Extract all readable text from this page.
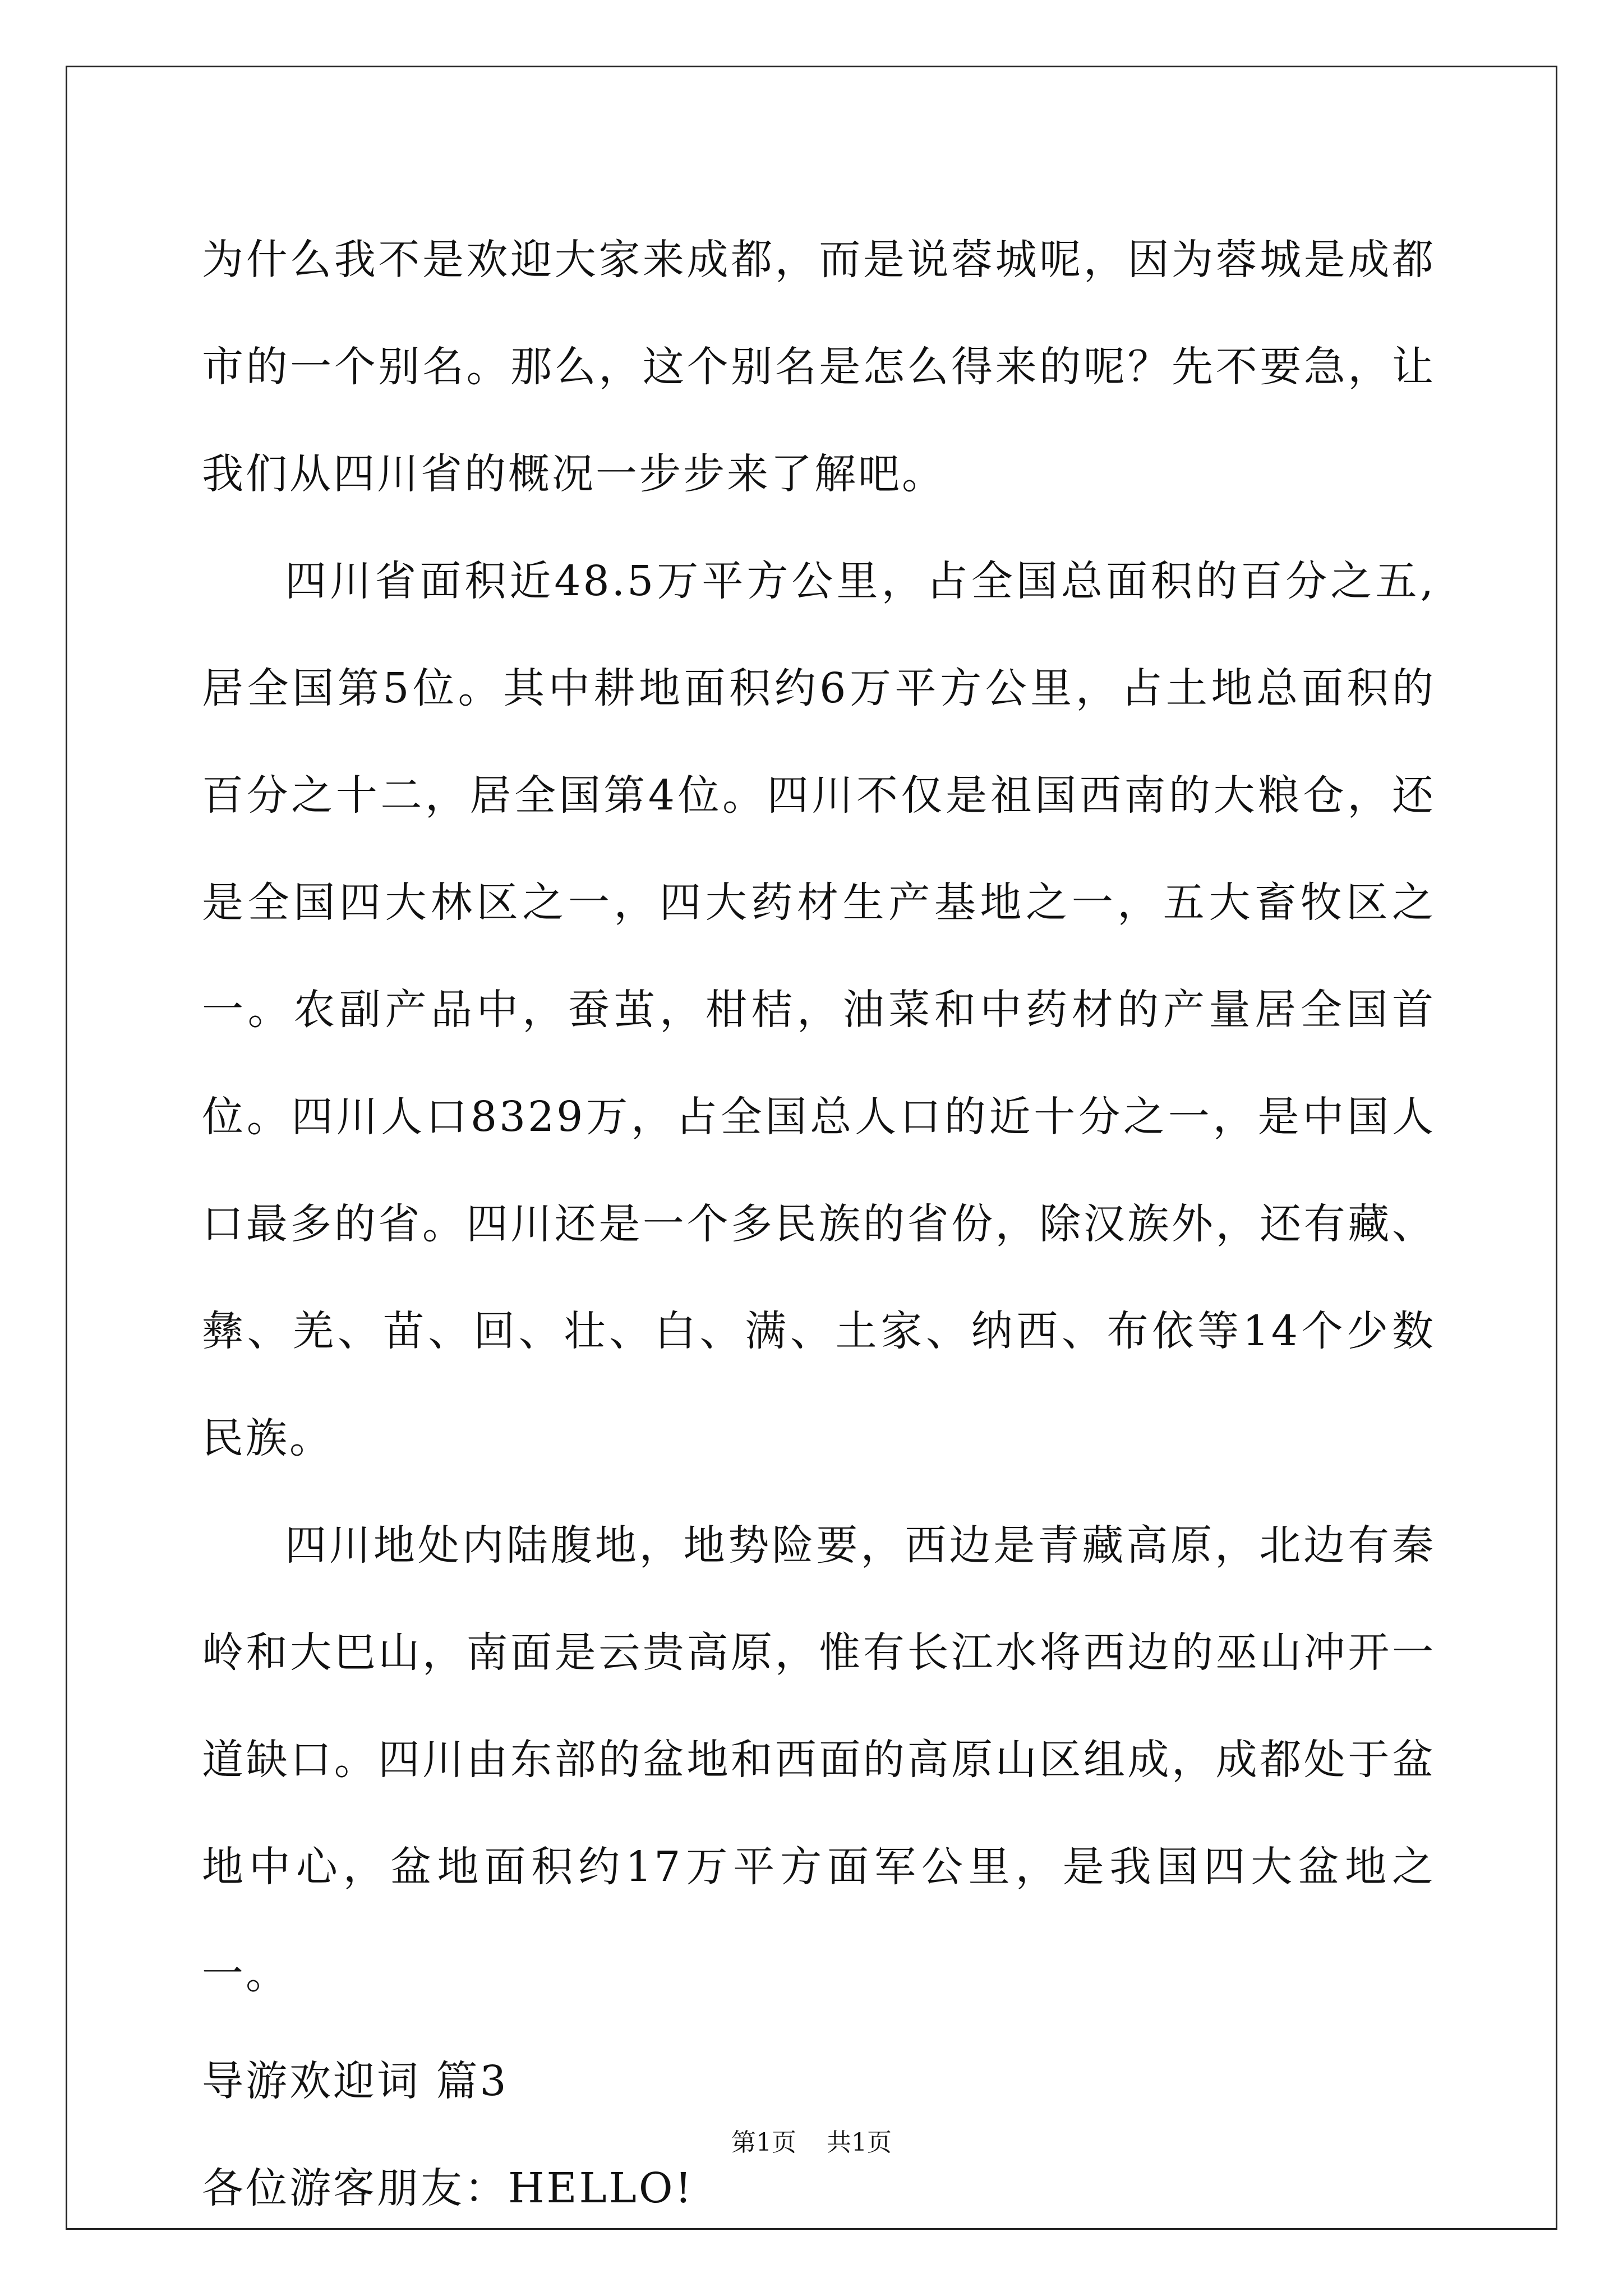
为什么我不是欢迎大家来成都，而是说蓉城呢，因为蓉城是成都市的一个别名。那么，这个别名是怎么得来的呢？先不要急，让我们从四川省的概况一步步来了解吧。

四川省面积近48.5万平方公里，占全国总面积的百分之五,居全国第5位。其中耕地面积约6万平方公里，占土地总面积的百分之十二，居全国第4位。四川不仅是祖国西南的大粮仓，还是全国四大林区之一，四大药材生产基地之一，五大畜牧区之一。农副产品中，蚕茧，柑桔，油菜和中药材的产量居全国首位。四川人口8329万，占全国总人口的近十分之一，是中国人口最多的省。四川还是一个多民族的省份，除汉族外，还有藏、彝、羌、苗、回、壮、白、满、土家、纳西、布依等14个少数民族。

四川地处内陆腹地，地势险要，西边是青藏高原，北边有秦岭和大巴山，南面是云贵高原，惟有长江水将西边的巫山冲开一道缺口。四川由东部的盆地和西面的高原山区组成，成都处于盆地中心，盆地面积约17万平方面军公里，是我国四大盆地之一。

导游欢迎词 篇3

各位游客朋友：HELLO!

第1页 共1页
